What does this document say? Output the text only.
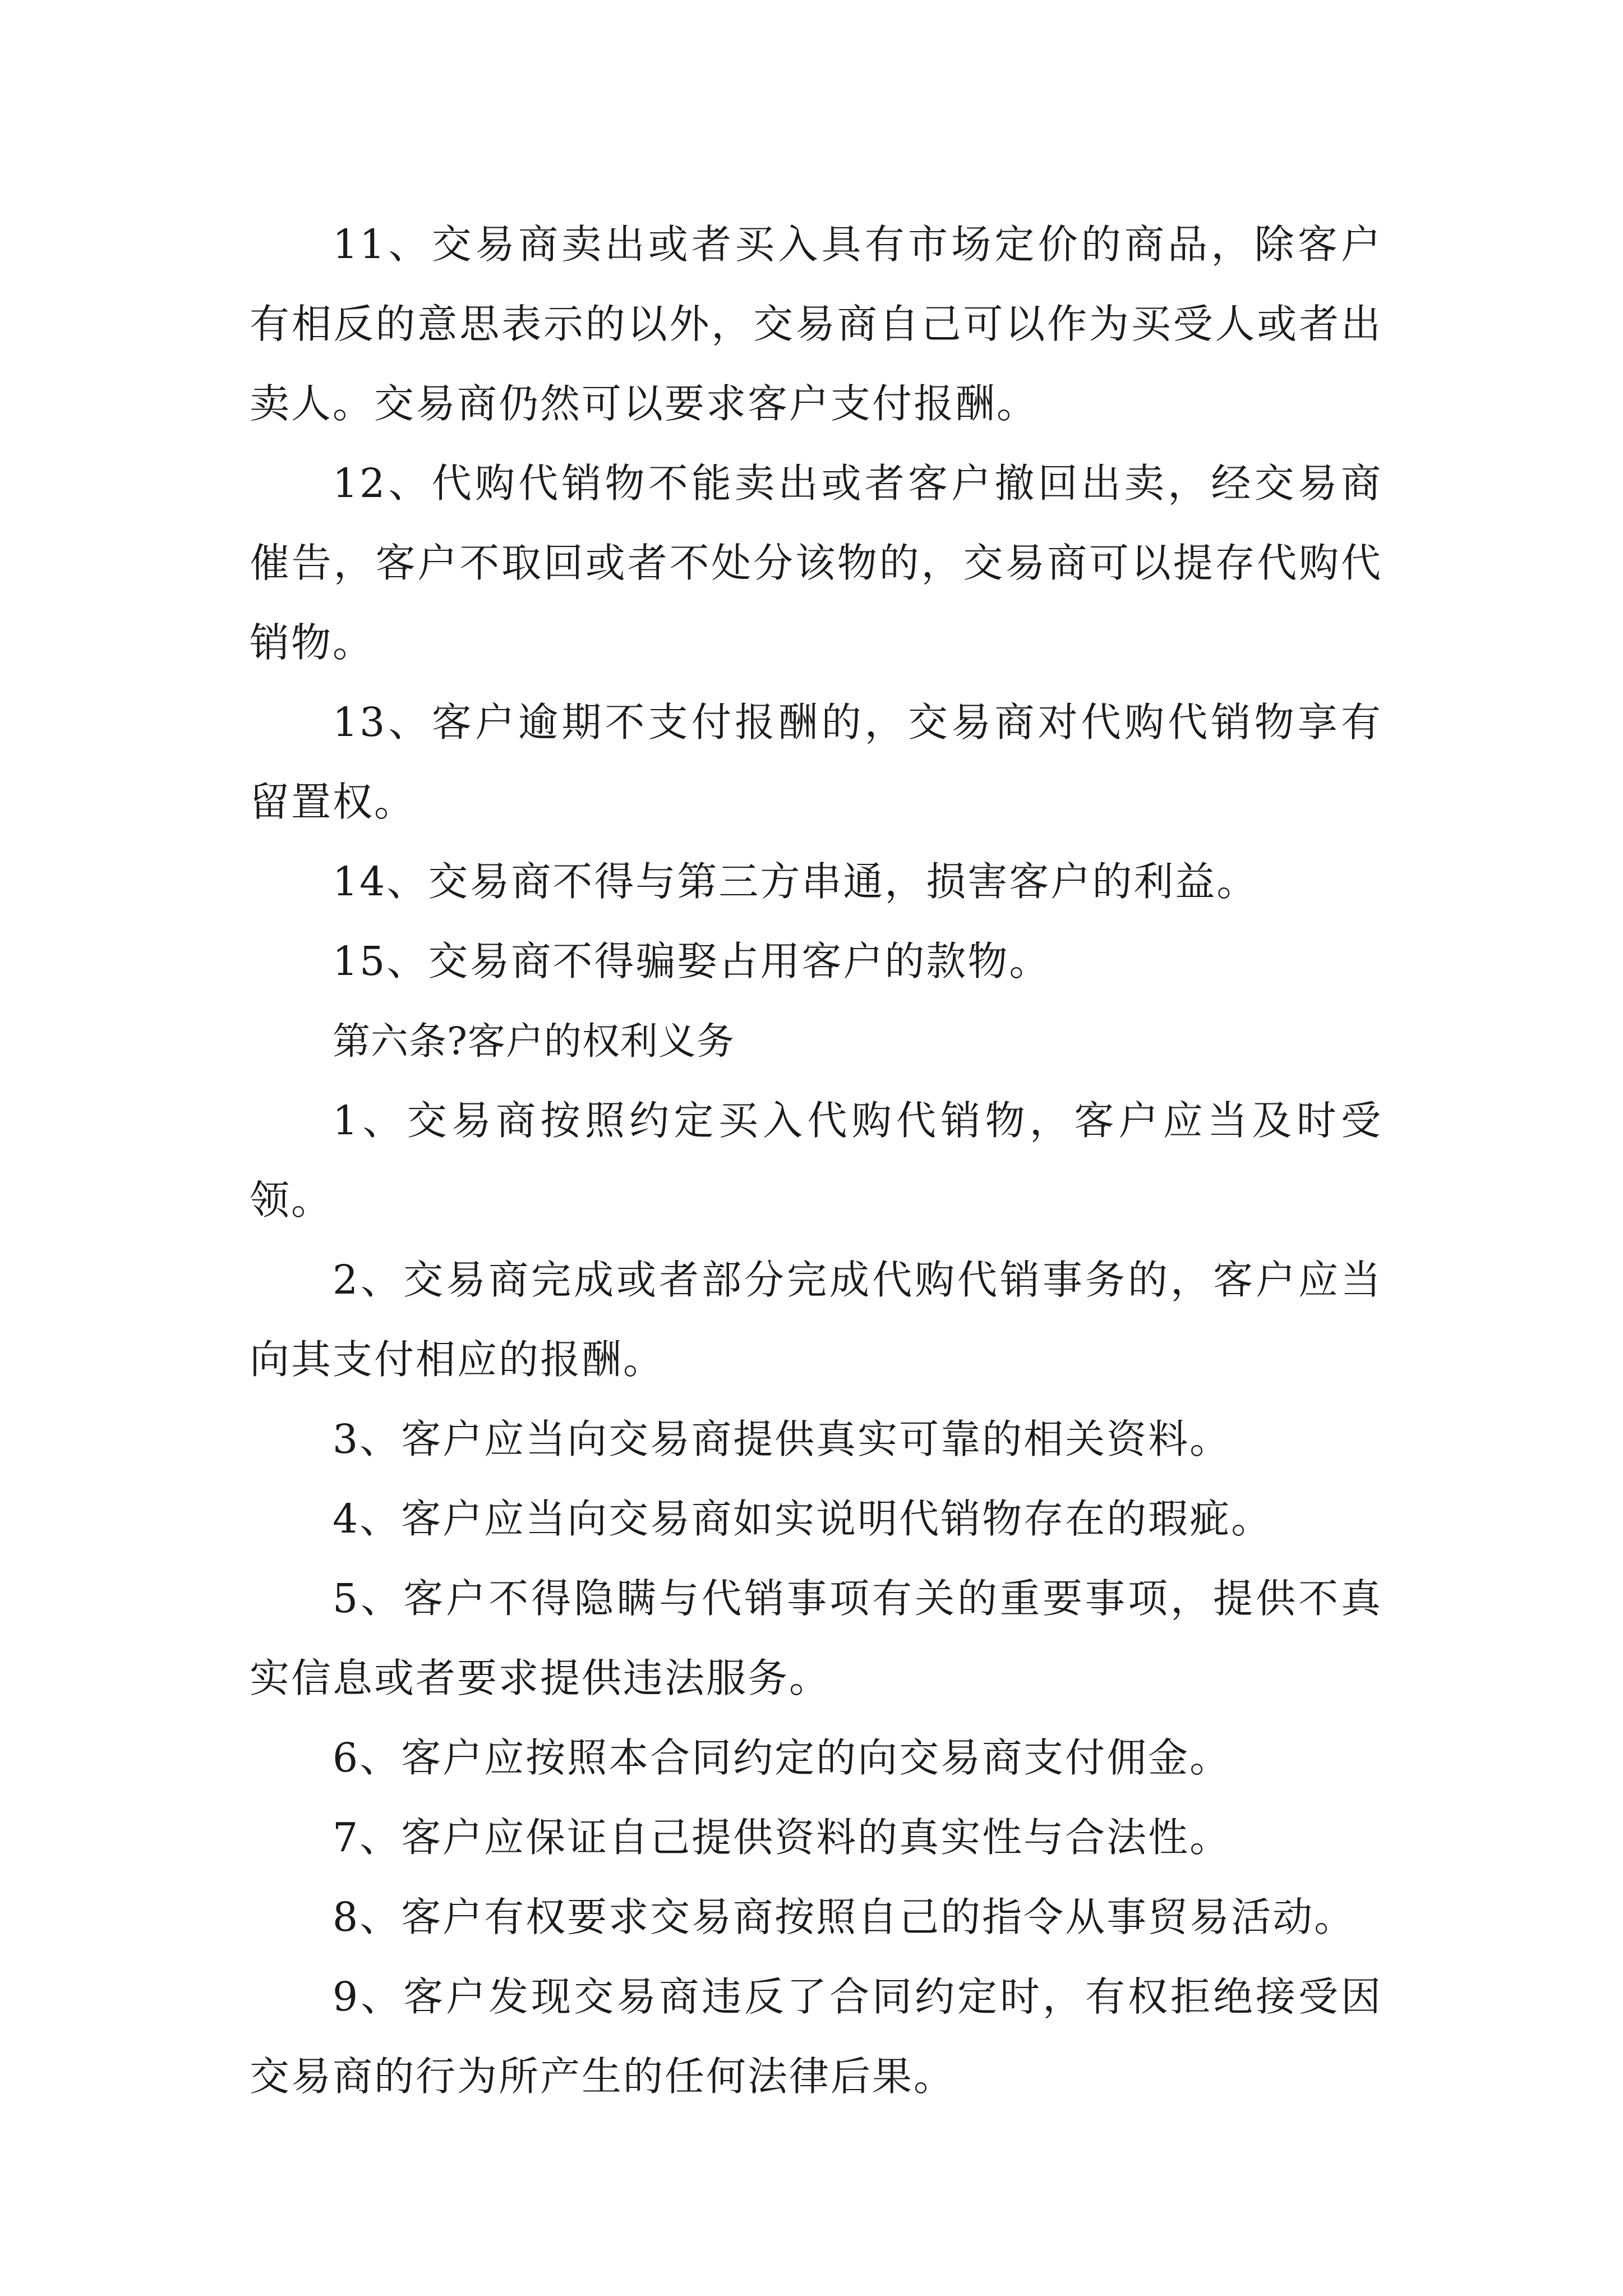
11、交易商卖出或者买入具有市场定价的商品，除客户有相反的意思表示的以外，交易商自己可以作为买受人或者出卖人。交易商仍然可以要求客户支付报酬。

12、代购代销物不能卖出或者客户撤回出卖，经交易商催告，客户不取回或者不处分该物的，交易商可以提存代购代销物。

13、客户逾期不支付报酬的，交易商对代购代销物享有留置权。

14、交易商不得与第三方串通，损害客户的利益。

15、交易商不得骗娶占用客户的款物。

第六条?客户的权利义务

1、交易商按照约定买入代购代销物，客户应当及时受领。

2、交易商完成或者部分完成代购代销事务的，客户应当向其支付相应的报酬。

3、客户应当向交易商提供真实可靠的相关资料。

4、客户应当向交易商如实说明代销物存在的瑕疵。

5、客户不得隐瞒与代销事项有关的重要事项，提供不真实信息或者要求提供违法服务。

6、客户应按照本合同约定的向交易商支付佣金。

7、客户应保证自己提供资料的真实性与合法性。

8、客户有权要求交易商按照自己的指令从事贸易活动。

9、客户发现交易商违反了合同约定时，有权拒绝接受因交易商的行为所产生的任何法律后果。
